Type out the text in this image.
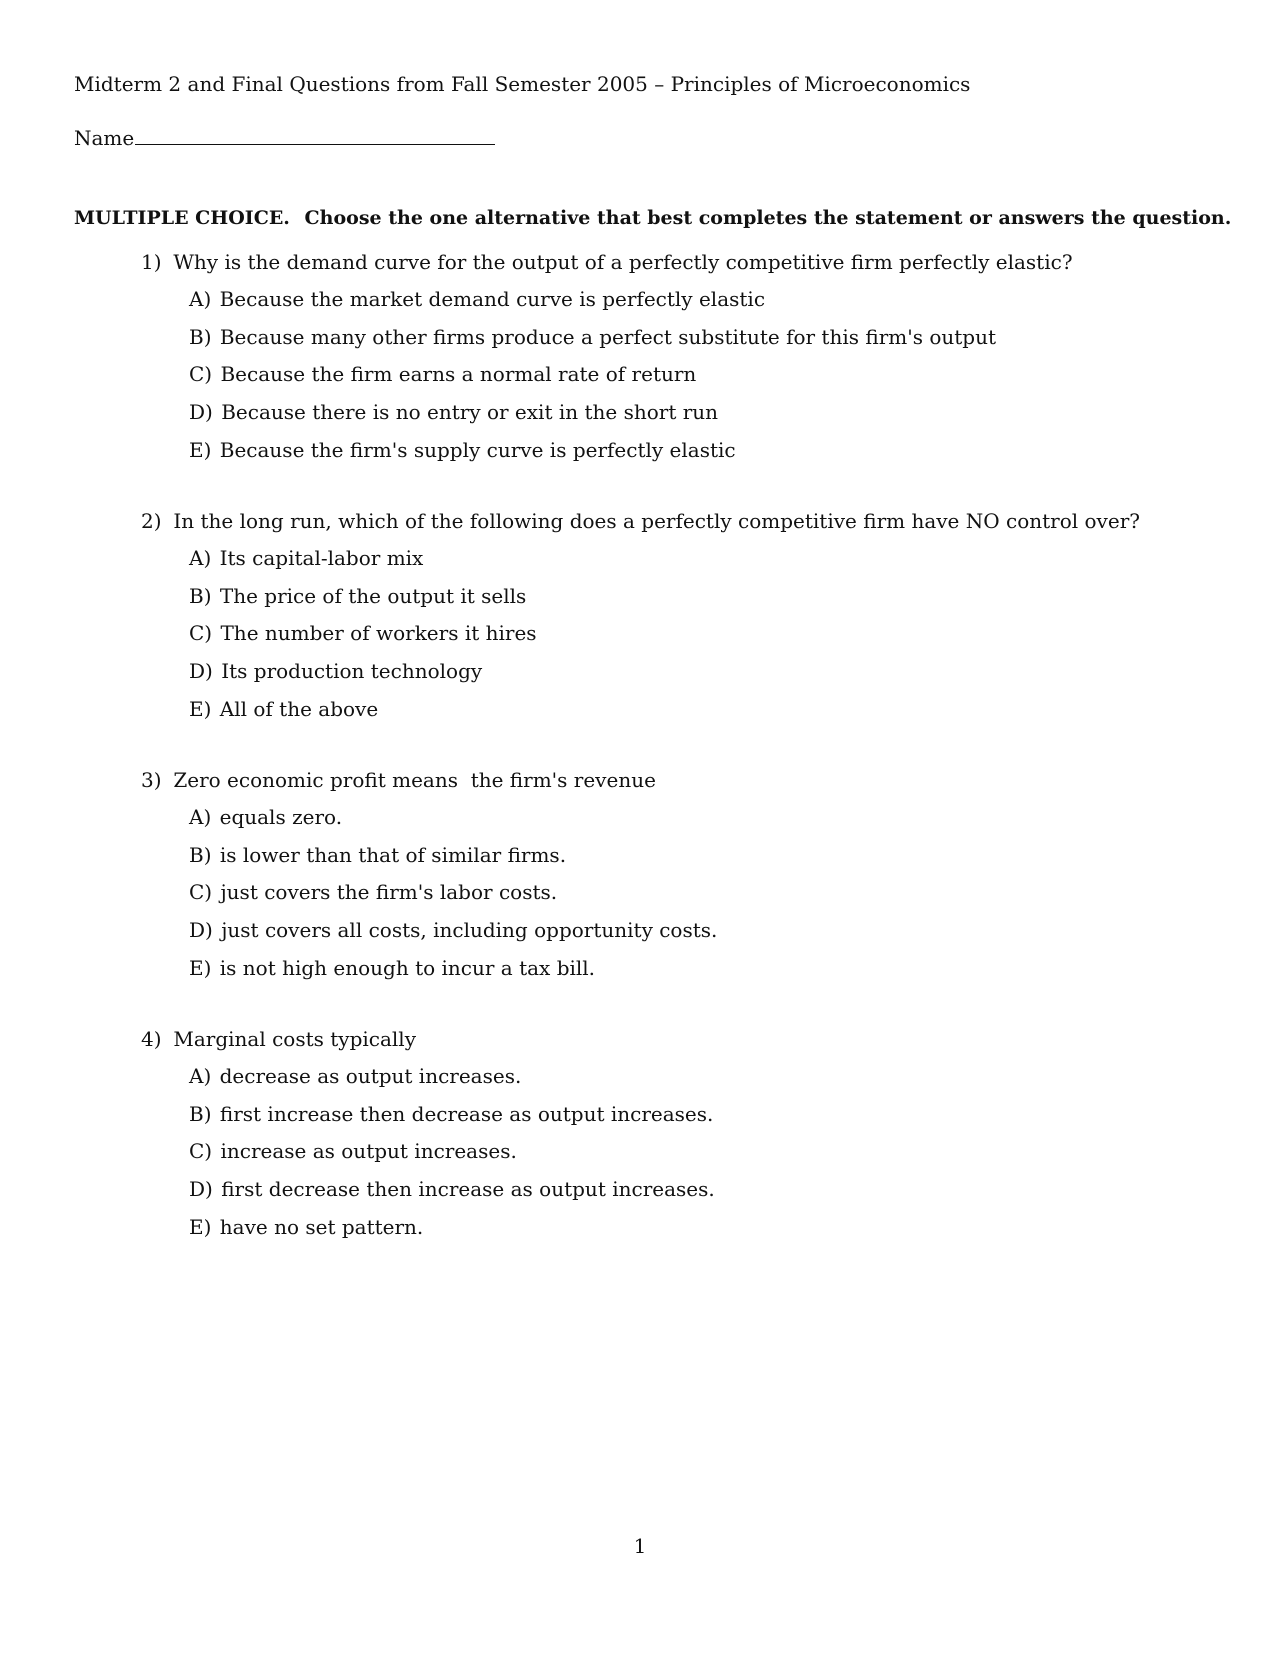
Midterm 2 and Final Questions from Fall Semester 2005 – Principles of Microeconomics
Name
MULTIPLE CHOICE. Choose the one alternative that best completes the statement or answers the question.
1) Why is the demand curve for the output of a perfectly competitive firm perfectly elastic?
A) Because the market demand curve is perfectly elastic
B) Because many other firms produce a perfect substitute for this firm's output
C) Because the firm earns a normal rate of return
D) Because there is no entry or exit in the short run
E) Because the firm's supply curve is perfectly elastic
2) In the long run, which of the following does a perfectly competitive firm have NO control over?
A) Its capital-labor mix
B) The price of the output it sells
C) The number of workers it hires
D) Its production technology
E) All of the above
3) Zero economic profit means  the firm's revenue
A) equals zero.
B) is lower than that of similar firms.
C) just covers the firm's labor costs.
D) just covers all costs, including opportunity costs.
E) is not high enough to incur a tax bill.
4) Marginal costs typically
A) decrease as output increases.
B) first increase then decrease as output increases.
C) increase as output increases.
D) first decrease then increase as output increases.
E) have no set pattern.
1
